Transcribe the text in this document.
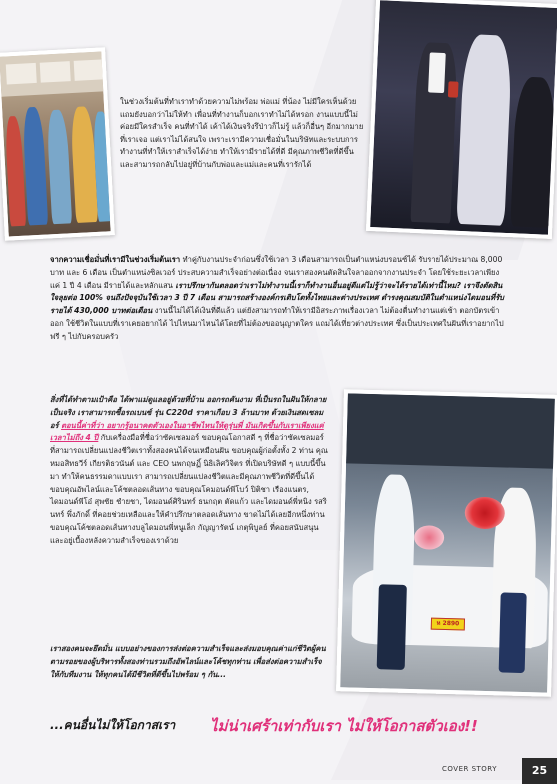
ในช่วงเริ่มต้นที่ทำเราทำด้วยความไม่พร้อม พ่อแม่ ที่น้อง ไม่มีใครเห็นด้วยแถมยังบอกว่าไม่ให้ทำ เพื่อนที่ทำงานก็บอกเราทำไม่ได้หรอก งานแบบนี้ไม่ค่อยมีใครสำเร็จ คนที่ทำได้ เค้าได้เงินจริงรึป่าวก็ไม่รู้ แล้วก็อื่นๆ อีกมากมายที่เราเจอ แต่เราไม่ได้สนใจ เพราะเรามีความเชื่อมั่นในบริษัทและระบบการทำงานที่ทำให้เราสำเร็จได้ง่าย ทำให้เรามีรายได้ที่ดี มีคุณภาพชีวิตที่ดีขึ้นและสามารถกลับไปอยู่ที่บ้านกับพ่อและแม่และคนที่เรารักได้

จากความเชื่อมั่นที่เรามีในช่วงเริ่มต้นเรา ทำคู่กับงานประจำก่อนซึ่งใช้เวลา 3 เดือนสามารถเป็นตำแหน่งบรอนซ์ได้ รับรายได้ประมาณ 8,000 บาท และ 6 เดือน เป็นตำแหน่งซิลเวอร์ ประสบความสำเร็จอย่างต่อเนื่อง จนเราสองคนตัดสินใจลาออกจากงานประจำ โดยใช้ระยะเวลาเพียงแค่ 1 ปี 4 เดือน มีรายได้และหลักแสน เราปรึกษากันตลอดว่าเราไม่ทำงานนี้เราก็ทำงานอื่นอยู่ดีแต่ไม่รู้ว่าจะได้รายได้เท่านี้ไหม? เราจึงตัดสินใจลุยต่อ 100% จนถึงปัจจุบันใช้เวลา 3 ปี 7 เดือน สามารถสร้างองค์กรเติบโตทั้งไทยและต่างประเทศ ดำรงคุณสมบัติในตำแหน่งไดมอนที่รับรายได้ 430,000 บาทต่อเดือน งานนี้ไม่ได้ได้เงินที่ดีแล้ว แต่ยังสามารถทำให้เรามีอิสระภาพเรื่องเวลา ไม่ต้องตื่นทำงานแต่เช้า ตอกบัตรเข้าออก ใช้ชีวิตในแบบที่เราเคยอยากได้ ไปไหนมาไหนได้โดยที่ไม่ต้องขออนุญาตใคร แถมได้เที่ยวต่างประเทศ ซึ่งเป็นประเทศในฝันที่เราอยากไปฟรี ๆ ไปกับครอบครัว
สิ่งที่ได้ทำตามเป้าคือ ได้พาแม่ดูแลอยู่ด้วยที่บ้าน ออกรถคันงาม ที่เป็นรถในฝันให้กลายเป็นจริง เราสามารถซื้อรถเบนซ์ รุ่น C220d ราคาเกือบ 3 ล้านบาท ด้วยเงินสดเซลมอร์ ตอนนี้ค่าที่ว่า อยากรู้อนาคตตัวเองในอาชีพไหนให้ดูรุ่นพี่ มันเกิดขึ้นกับเราเพียงแค่เวลาไม่ถึง 4 ปี กับเครื่องมือที่ชื่อว่าซัคเซลมอร์ ขอบคุณโอกาสดี ๆ ที่ชื่อว่าซัคเซลมอร์ ที่สามารถเปลี่ยนแปลงชีวิตเราทั้งสองคนได้จนเหมือนฝัน ขอบคุณผู้ก่อตั้งทั้ง 2 ท่าน คุณหมอสิทธวีร์ เกียรติธวนันต์ และ CEO นพกฤษฏิ์ นิธิเลิศวิจิตร ที่เปิดบริษัทดี ๆ แบบนี้ขึ้นมา ทำให้คนธรรมดาแบบเรา สามารถเปลี่ยนแปลงชีวิตและมีคุณภาพชีวิตที่ดีขึ้นได้ ขอบคุณอัพไลน์และโค้ชตลอดเส้นทาง ขอบคุณโคมอนด์พีโบว์ ปิติชา เรืองแนตร, ไดมอนด์พีโอ๋ สุพชัย ชำยชา, ไดมอนด์ศิรินทร์ ธนกฤต ตัดแก้ว และไดมอนด์พี่หนิง รสรินทร์ พึ่งภักดิ์ ที่คอยช่วยเหลือและให้คำปรึกษาตลอดเส้นทาง ขาดไม่ได้เลยอีกหนึ่งท่าน ขอบคุณโค้ชตลอดเส้นทางบลูไดมอนพี่หนูเล็ก กัญญารัตน์ เกตุพิบูลย์ ที่คอยสนับสนุนและอยู่เบื้องหลังความสำเร็จของเราด้วย
ห 2890
เราสองคนจะยึดมั่น แบบอย่างของการส่งต่อความสำเร็จและส่งมอบคุณค่าแก่ชีวิตผู้คน ตามรอยของผู้บริหารทั้งสองท่านรวมถึงอัพไลน์และโค้ชทุกท่าน เพื่อส่งต่อความสำเร็จให้กับทีมงาน ให้ทุกคนได้มีชีวิตที่ดีขึ้นไปพร้อม ๆ กัน...
...คนอื่นไม่ให้โอกาสเรา ไม่น่าเศร้าเท่ากับเรา ไม่ให้โอกาสตัวเอง!!
COVER STORY	25
